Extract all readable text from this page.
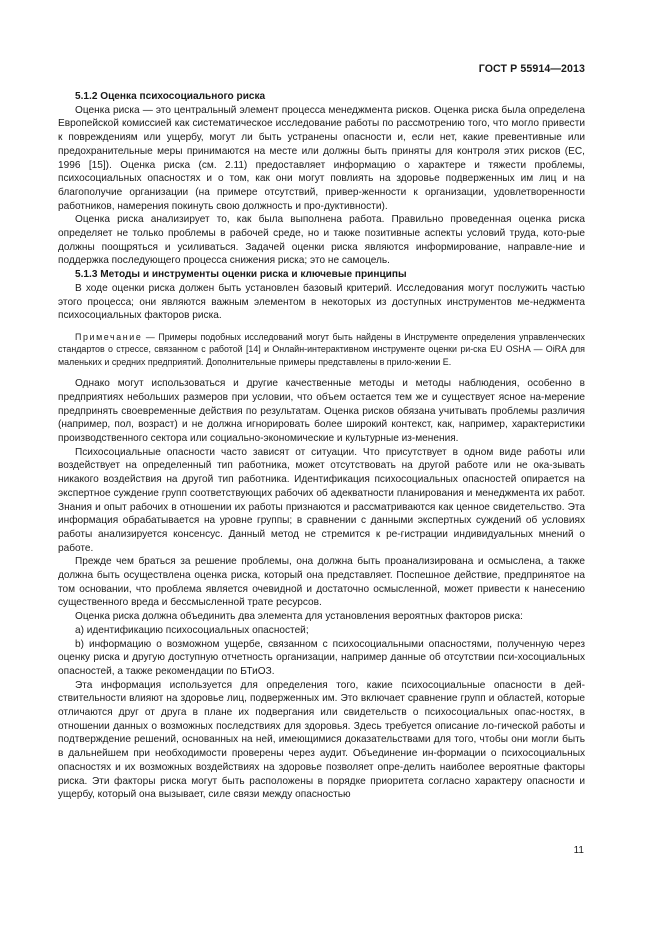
ГОСТ Р 55914—2013

5.1.2 Оценка психосоциального риска

Оценка риска — это центральный элемент процесса менеджмента рисков. Оценка риска была определена Европейской комиссией как систематическое исследование работы по рассмотрению того, что могло привести к повреждениям или ущербу, могут ли быть устранены опасности и, если нет, какие превентивные или предохранительные меры принимаются на месте или должны быть приняты для контроля этих рисков (EC, 1996 [15]). Оценка риска (см. 2.11) предоставляет информацию о характере и тяжести проблемы, психосоциальных опасностях и о том, как они могут повлиять на здоровье подверженных им лиц и на благополучие организации (на примере отсутствий, привер-женности к организации, удовлетворенности работников, намерения покинуть свою должность и про-дуктивности).

Оценка риска анализирует то, как была выполнена работа. Правильно проведенная оценка риска определяет не только проблемы в рабочей среде, но и также позитивные аспекты условий труда, кото-рые должны поощряться и усиливаться. Задачей оценки риска являются информирование, направле-ние и поддержка последующего процесса снижения риска; это не самоцель.

5.1.3 Методы и инструменты оценки риска и ключевые принципы

В ходе оценки риска должен быть установлен базовый критерий. Исследования могут послужить частью этого процесса; они являются важным элементом в некоторых из доступных инструментов ме-неджмента психосоциальных факторов риска.

Примечание — Примеры подобных исследований могут быть найдены в Инструменте определения управленческих стандартов о стрессе, связанном с работой [14] и Онлайн-интерактивном инструменте оценки ри-ска EU OSHA — OiRA для маленьких и средних предприятий. Дополнительные примеры представлены в прило-жении Е.

Однако могут использоваться и другие качественные методы и методы наблюдения, особенно в предприятиях небольших размеров при условии, что объем остается тем же и существует ясное на-мерение предпринять своевременные действия по результатам. Оценка рисков обязана учитывать проблемы различия (например, пол, возраст) и не должна игнорировать более широкий контекст, как, например, характеристики производственного сектора или социально-экономические и культурные из-менения.

Психосоциальные опасности часто зависят от ситуации. Что присутствует в одном виде работы или воздействует на определенный тип работника, может отсутствовать на другой работе или не ока-зывать никакого воздействия на другой тип работника. Идентификация психосоциальных опасностей опирается на экспертное суждение групп соответствующих рабочих об адекватности планирования и менеджмента их работ. Знания и опыт рабочих в отношении их работы признаются и рассматриваются как ценное свидетельство. Эта информация обрабатывается на уровне группы; в сравнении с данными экспертных суждений об условиях работы анализируется консенсус. Данный метод не стремится к ре-гистрации индивидуальных мнений о работе.

Прежде чем браться за решение проблемы, она должна быть проанализирована и осмыслена, а также должна быть осуществлена оценка риска, который она представляет. Поспешное действие, предпринятое на том основании, что проблема является очевидной и достаточно осмысленной, может привести к нанесению существенного вреда и бессмысленной трате ресурсов.

Оценка риска должна объединить два элемента для установления вероятных факторов риска:

а) идентификацию психосоциальных опасностей;

b) информацию о возможном ущербе, связанном с психосоциальными опасностями, полученную через оценку риска и другую доступную отчетность организации, например данные об отсутствии пси-хосоциальных опасностей, а также рекомендации по БТиОЗ.

Эта информация используется для определения того, какие психосоциальные опасности в дей-ствительности влияют на здоровье лиц, подверженных им. Это включает сравнение групп и областей, которые отличаются друг от друга в плане их подвергания или свидетельств о психосоциальных опас-ностях, в отношении данных о возможных последствиях для здоровья. Здесь требуется описание ло-гической работы и подтверждение решений, основанных на ней, имеющимися доказательствами для того, чтобы они могли быть в дальнейшем при необходимости проверены через аудит. Объединение ин-формации о психосоциальных опасностях и их возможных воздействиях на здоровье позволяет опре-делить наиболее вероятные факторы риска. Эти факторы риска могут быть расположены в порядке приоритета согласно характеру опасности и ущербу, который она вызывает, силе связи между опасностью

11
